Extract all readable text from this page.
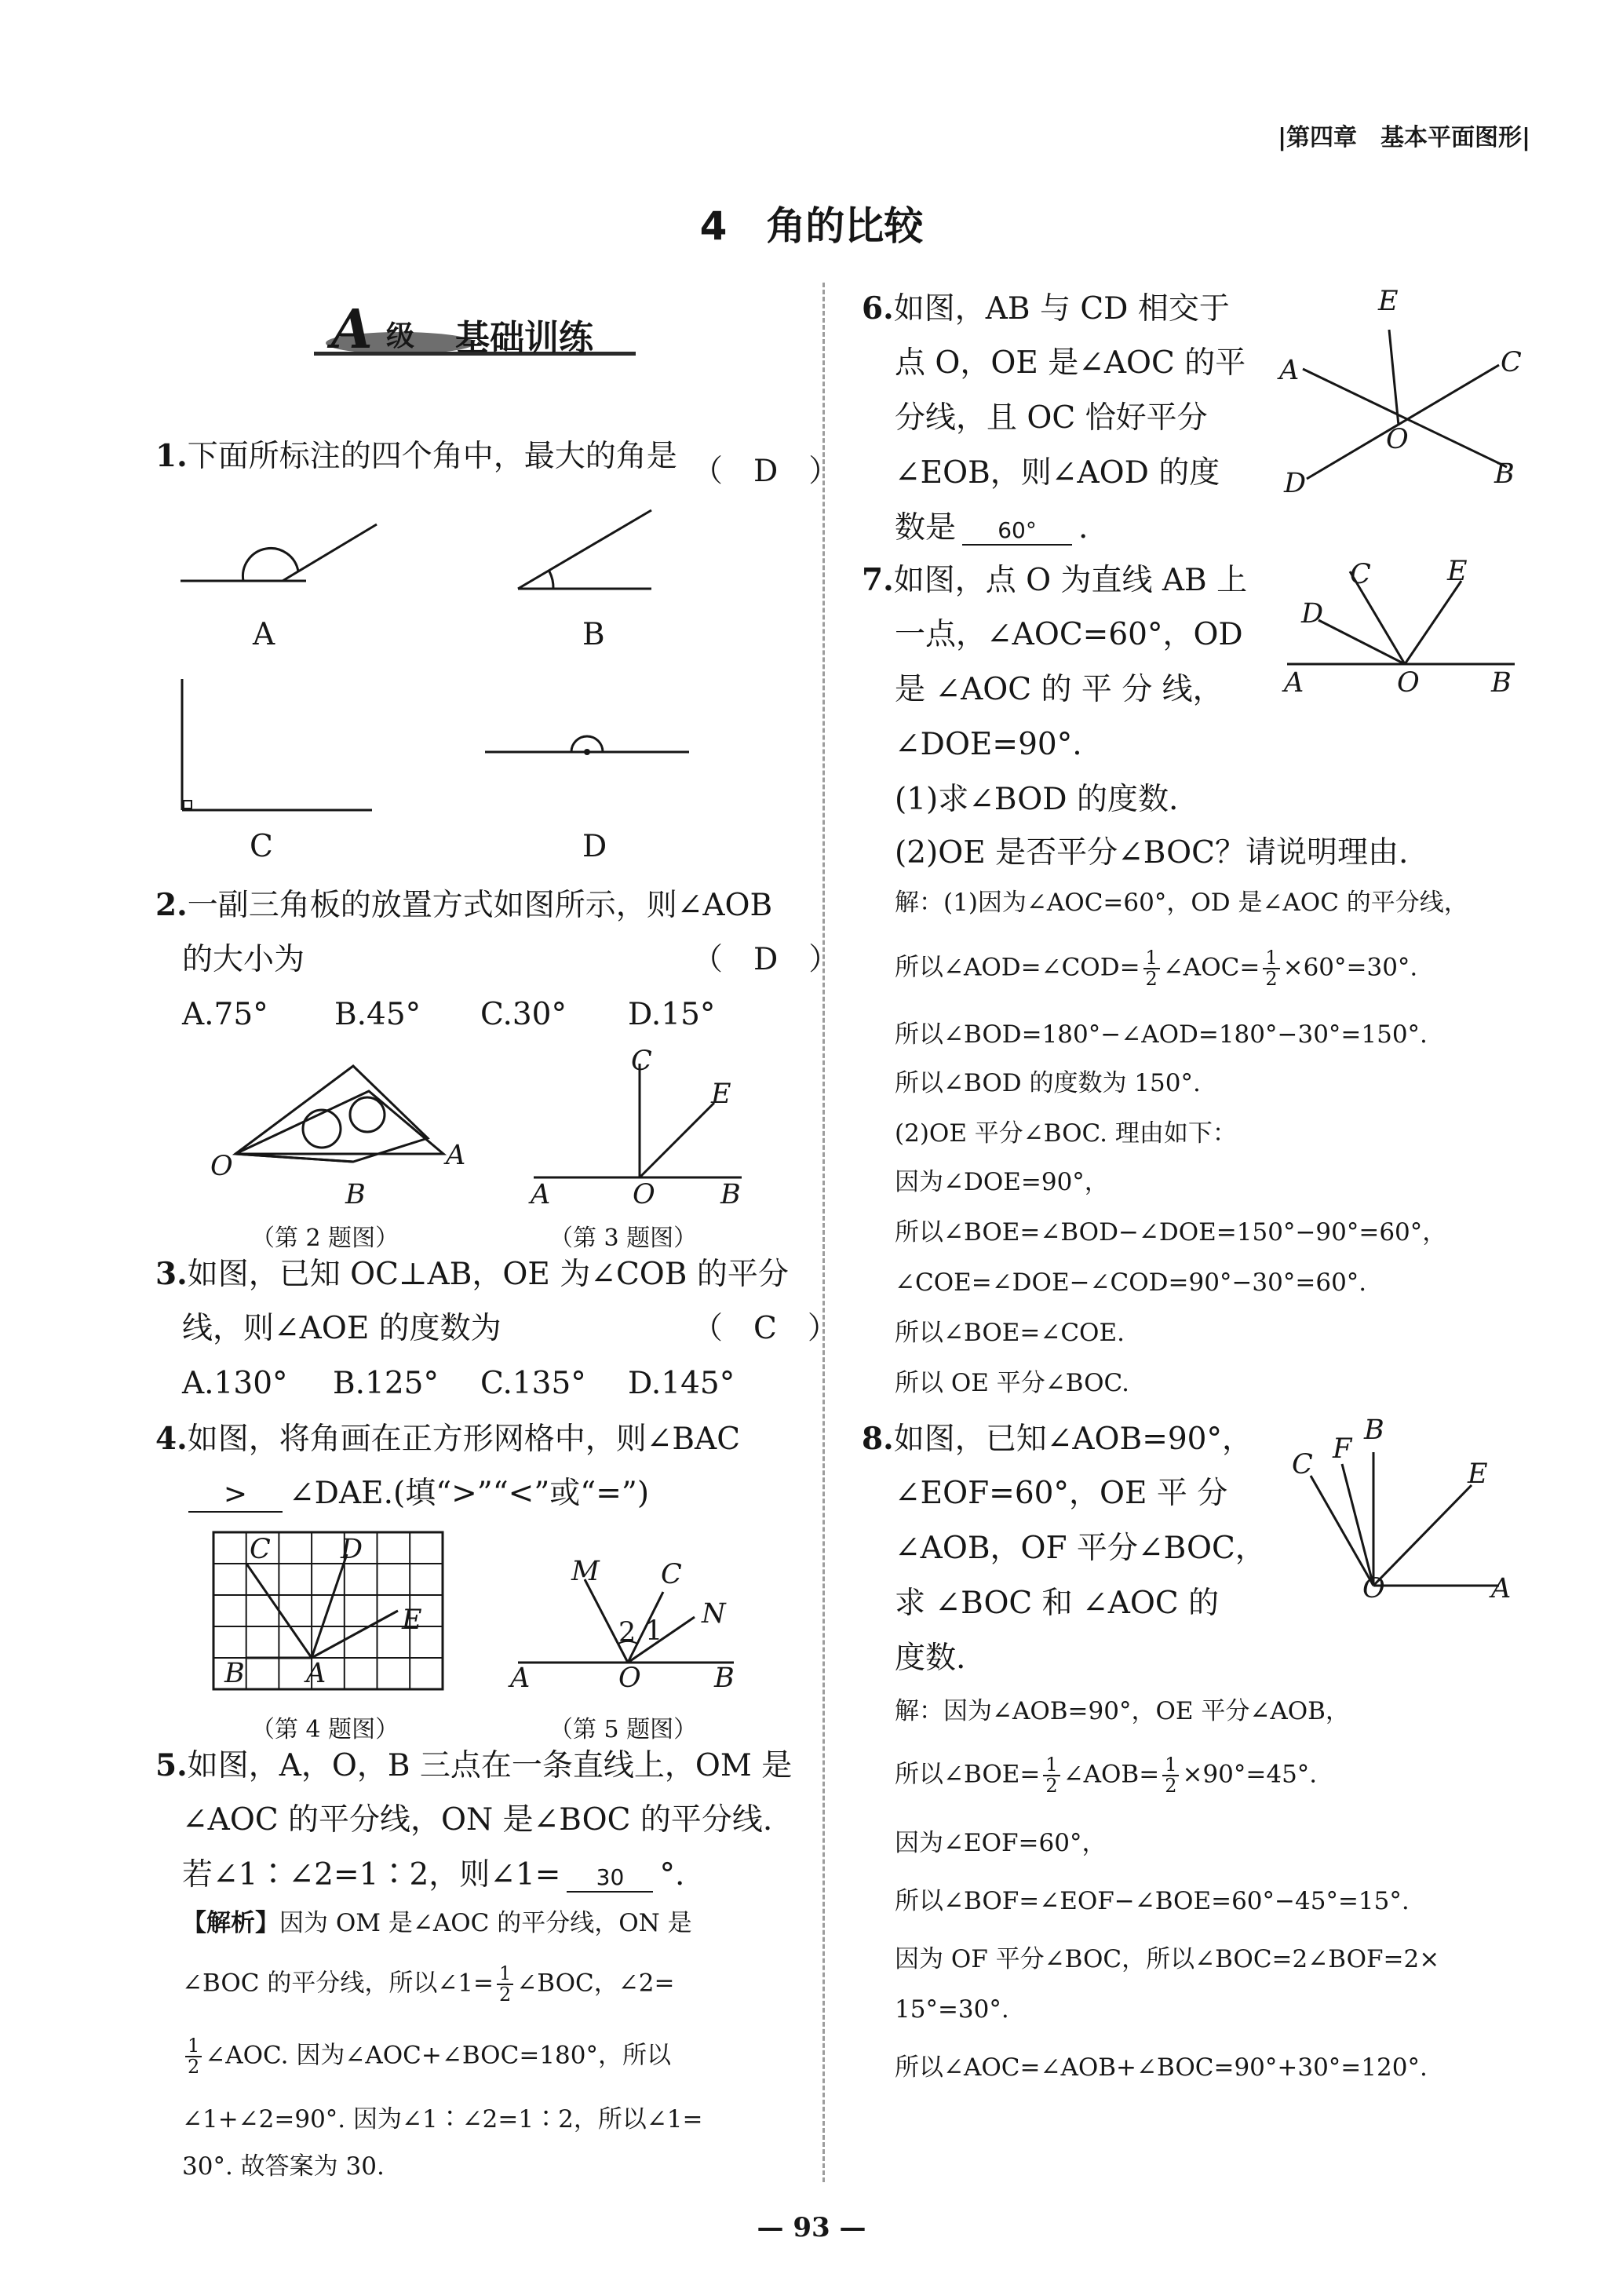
|第四章　基本平面图形|
4　角的比较
A 级 基础训练
1.下面所标注的四个角中，最大的角是 （　D　）
A	B
C	D
2.一副三角板的放置方式如图所示，则∠AOB
的大小为	（　D　）
A.75° B.45° C.30° D.15°
O
B
A
（第 2 题图）
C
E
A	O B
（第 3 题图）
3.如图，已知 OC⊥AB，OE 为∠COB 的平分
线，则∠AOE 的度数为	（　C　）
A.130° B.125° C.135° D.145°
4.如图，将角画在正方形网格中，则∠BAC
> ∠DAE.(填“>”“<”或“=”)
C	D
E
B A
（第 4 题图）
M C
N
2 1
A	O	B
（第 5 题图）
5.如图，A，O，B 三点在一条直线上，OM 是
∠AOC 的平分线，ON 是∠BOC 的平分线.
若∠1∶∠2=1∶2，则∠1= 30 °.
【解析】因为 OM 是∠AOC 的平分线，ON 是
∠BOC 的平分线，所以∠1= $\frac{1}{2}$ ∠BOC，∠2=
$\frac{1}{2}$ ∠AOC. 因为∠AOC+∠BOC=180°，所以
∠1+∠2=90°. 因为∠1∶∠2=1∶2，所以∠1=
30°. 故答案为 30.
6.如图，AB 与 CD 相交于
点 O，OE 是∠AOC 的平
分线，且 OC 恰好平分
∠EOB，则∠AOD 的度
数是 60° .
E
A	C
O
D	B
7.如图，点 O 为直线 AB 上
一点，∠AOC=60°，OD
是 ∠AOC 的 平 分 线，
∠DOE=90°.
(1)求∠BOD 的度数.
(2)OE 是否平分∠BOC？请说明理由.
C	E
D
A	O	B
解：(1)因为∠AOC=60°，OD 是∠AOC 的平分线，
所以∠AOD=∠COD= $\frac{1}{2}$ ∠AOC= $\frac{1}{2} \times 60^\circ=30^\circ$.
所以∠BOD=180°−∠AOD=180°−30°=150°.
所以∠BOD 的度数为 150°.
(2)OE 平分∠BOC. 理由如下：
因为∠DOE=90°，
所以∠BOE=∠BOD−∠DOE=150°−90°=60°，
∠COE=∠DOE−∠COD=90°−30°=60°.
所以∠BOE=∠COE.
所以 OE 平分∠BOC.
8.如图，已知∠AOB=90°，
∠EOF=60°，OE 平 分
∠AOB，OF 平分∠BOC，
求 ∠BOC 和 ∠AOC 的
度数.
C F
B
E
O	A
解：因为∠AOB=90°，OE 平分∠AOB，
所以∠BOE= $\frac{1}{2}$ ∠AOB= $\frac{1}{2} \times 90^\circ=45^\circ$.
因为∠EOF=60°，
所以∠BOF=∠EOF−∠BOE=60°−45°=15°.
因为 OF 平分∠BOC，所以∠BOC=2∠BOF=2×
15°=30°.
所以∠AOC=∠AOB+∠BOC=90°+30°=120°.
— 93 —
